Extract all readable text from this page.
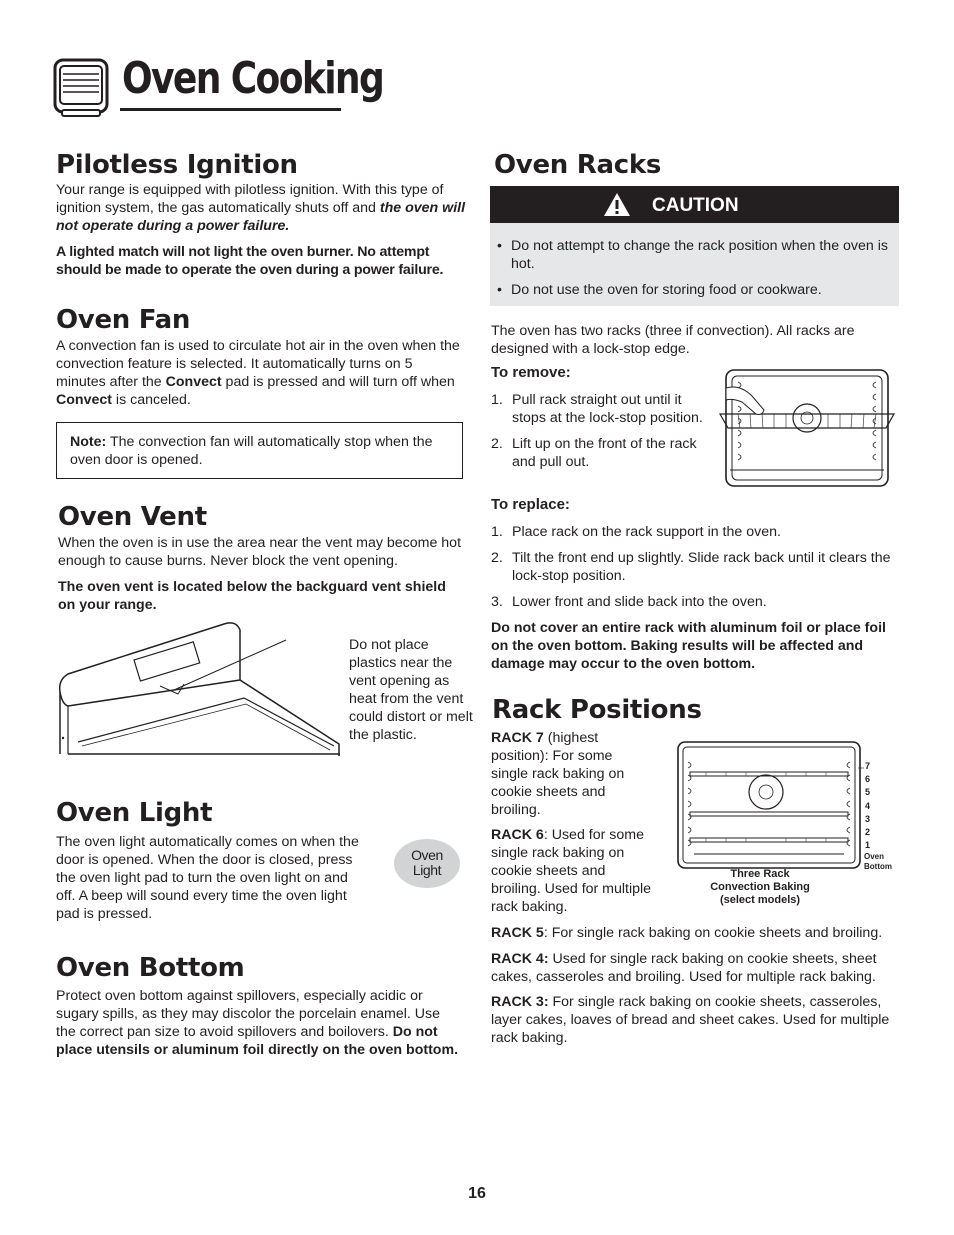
Oven Cooking
Pilotless Ignition

Your range is equipped with pilotless ignition. With this type of ignition system, the gas automatically shuts off and the oven will not operate during a power failure.

A lighted match will not light the oven burner. No attempt should be made to operate the oven during a power failure.

Oven Fan

A convection fan is used to circulate hot air in the oven when the convection feature is selected. It automatically turns on 5 minutes after the Convect pad is pressed and will turn off when Convect is canceled.

Note: The convection fan will automatically stop when the oven door is opened.

Oven Vent

When the oven is in use the area near the vent may become hot enough to cause burns. Never block the vent opening.

The oven vent is located below the backguard vent shield on your range.

Do not place plastics near the vent opening as heat from the vent could distort or melt the plastic.

Oven Light

The oven light automatically comes on when the door is opened. When the door is closed, press the oven light pad to turn the oven light on and off. A beep will sound every time the oven light pad is pressed.

Oven
Light
Oven Bottom

Protect oven bottom against spillovers, especially acidic or sugary spills, as they may discolor the porcelain enamel. Use the correct pan size to avoid spillovers and boilovers. Do not place utensils or aluminum foil directly on the oven bottom.

Oven Racks
CAUTION
• Do not attempt to change the rack position when the oven is hot.
• Do not use the oven for storing food or cookware.

The oven has two racks (three if convection). All racks are designed with a lock-stop edge.

To remove:
1. Pull rack straight out until it stops at the lock-stop position.
2. Lift up on the front of the rack and pull out.
To replace:
1. Place rack on the rack support in the oven.
2. Tilt the front end up slightly. Slide rack back until it clears the lock-stop position.
3. Lower front and slide back into the oven.

Do not cover an entire rack with aluminum foil or place foil on the oven bottom. Baking results will be affected and damage may occur to the oven bottom.

Rack Positions

RACK 7 (highest position): For some single rack baking on cookie sheets and broiling.

RACK 6: Used for some single rack baking on cookie sheets and broiling. Used for multiple rack baking.

7
6
5
4
3
2
1
Oven
Bottom
Three Rack
Convection Baking
(select models)

RACK 5: For single rack baking on cookie sheets and broiling.

RACK 4: Used for single rack baking on cookie sheets, sheet cakes, casseroles and broiling. Used for multiple rack baking.

RACK 3: For single rack baking on cookie sheets, casseroles, layer cakes, loaves of bread and sheet cakes. Used for multiple rack baking.

16
